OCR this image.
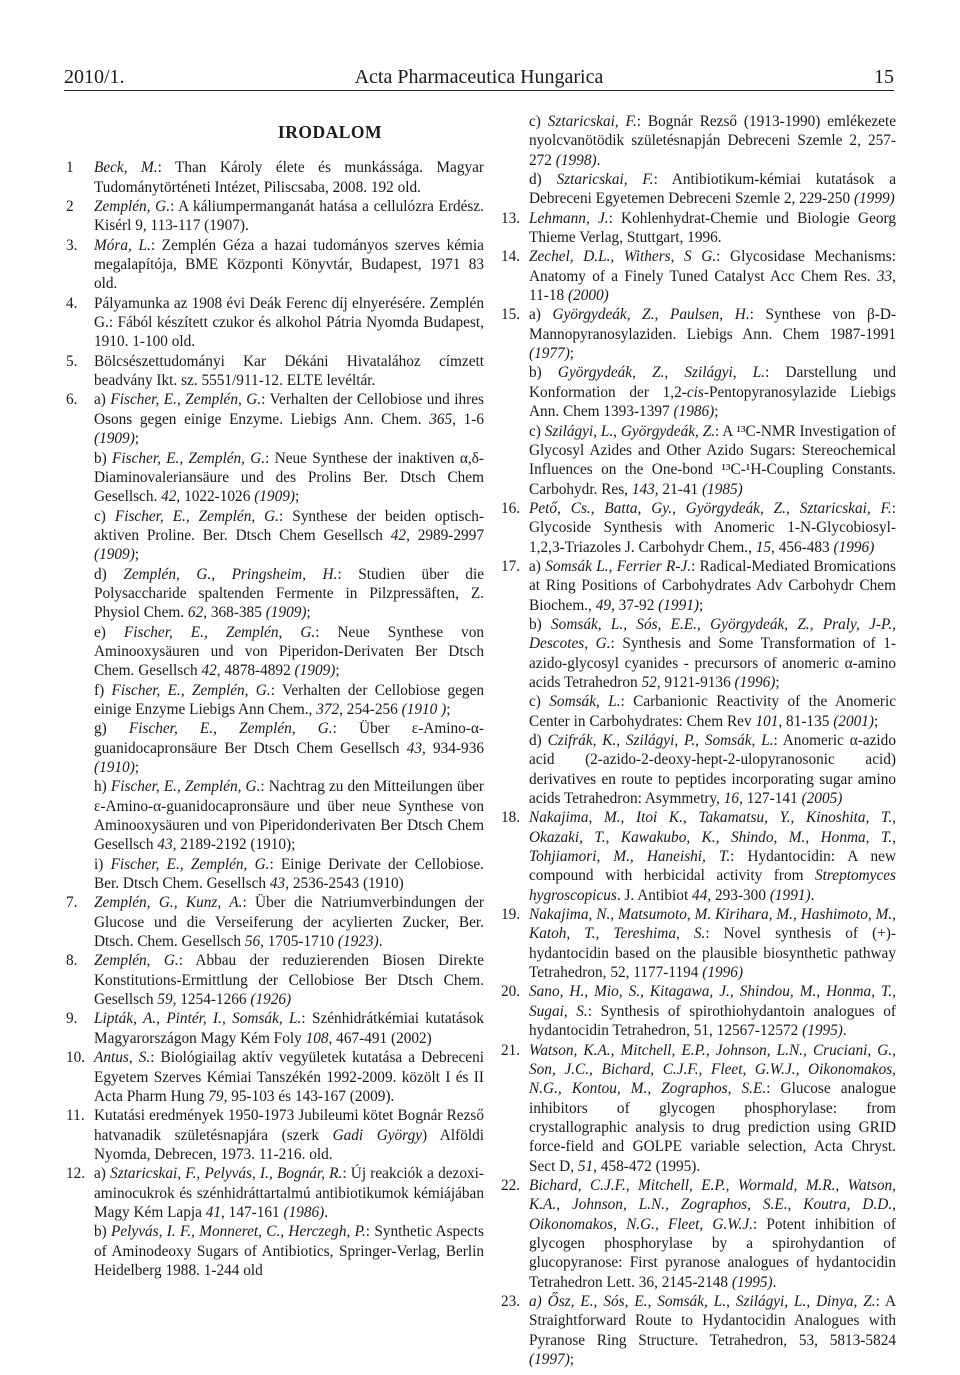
2010/1.	Acta Pharmaceutica Hungarica	15
IRODALOM
1 Beck, M.: Than Károly élete és munkássága. Magyar Tudománytörténeti Intézet, Piliscsaba, 2008. 192 old.
2 Zemplén, G.: A káliumpermanganát hatása a cellulózra Erdész. Kisérl 9, 113-117 (1907).
3. Móra, L.: Zemplén Géza a hazai tudományos szerves kémia megalapítója, BME Központi Könyvtár, Budapest, 1971 83 old.
4. Pályamunka az 1908 évi Deák Ferenc díj elnyerésére. Zemplén G.: Fából készített czukor és alkohol Pátria Nyomda Budapest, 1910. 1-100 old.
5. Bölcsészettudományi Kar Dékáni Hivatalához címzett beadvány Ikt. sz. 5551/911-12. ELTE levéltár.
6. a) Fischer, E., Zemplén, G.: Verhalten der Cellobiose und ihres Osons gegen einige Enzyme. Liebigs Ann. Chem. 365, 1-6 (1909);
b) Fischer, E., Zemplén, G.: Neue Synthese der inaktiven α,δ-Diaminovaleriansäure und des Prolins Ber. Dtsch Chem Gesellsch. 42, 1022-1026 (1909);
c) Fischer, E., Zemplén, G.: Synthese der beiden optisch-aktiven Proline. Ber. Dtsch Chem Gesellsch 42, 2989-2997 (1909);
d) Zemplén, G., Pringsheim, H.: Studien über die Polysaccharide spaltenden Fermente in Pilzpressäften, Z. Physiol Chem. 62, 368-385 (1909);
e) Fischer, E., Zemplén, G.: Neue Synthese von Aminooxysäuren und von Piperidon-Derivaten Ber Dtsch Chem. Gesellsch 42, 4878-4892 (1909);
f) Fischer, E., Zemplén, G.: Verhalten der Cellobiose gegen einige Enzyme Liebigs Ann Chem., 372, 254-256 (1910 );
g) Fischer, E., Zemplén, G.: Über ε-Amino-α-guanidocapronsäure Ber Dtsch Chem Gesellsch 43, 934-936 (1910);
h) Fischer, E., Zemplén, G.: Nachtrag zu den Mitteilungen über ε-Amino-α-guanidocapronsäure und über neue Synthese von Aminooxysäuren und von Piperidonderivaten Ber Dtsch Chem Gesellsch 43, 2189-2192 (1910);
i) Fischer, E., Zemplén, G.: Einige Derivate der Cellobiose. Ber. Dtsch Chem. Gesellsch 43, 2536-2543 (1910)
7. Zemplén, G., Kunz, A.: Über die Natriumverbindungen der Glucose und die Verseiferung der acylierten Zucker, Ber. Dtsch. Chem. Gesellsch 56, 1705-1710 (1923).
8. Zemplén, G.: Abbau der reduzierenden Biosen Direkte Konstitutions-Ermittlung der Cellobiose Ber Dtsch Chem. Gesellsch 59, 1254-1266 (1926)
9. Lipták, A., Pintér, I., Somsák, L.: Szénhidrátkémiai kutatások Magyarországon Magy Kém Foly 108, 467-491 (2002)
10. Antus, S.: Biológiailag aktív vegyületek kutatása a Debreceni Egyetem Szerves Kémiai Tanszékén 1992-2009. közölt I és II Acta Pharm Hung 79, 95-103 és 143-167 (2009).
11. Kutatási eredmények 1950-1973 Jubileumi kötet Bognár Rezső hatvanadik születésnapjára (szerk Gadi György) Alföldi Nyomda, Debrecen, 1973. 11-216. old.
12. a) Sztaricskai, F., Pelyvás, I., Bognár, R.: Új reakciók a dezoxi-aminocukrok és szénhidráttartalmú antibiotikumok kémiájában Magy Kém Lapja 41, 147-161 (1986).
b) Pelyvás, I. F., Monneret, C., Herczegh, P.: Synthetic Aspects of Aminodeoxy Sugars of Antibiotics, Springer-Verlag, Berlin Heidelberg 1988. 1-244 old
c) Sztaricskai, F.: Bognár Rezső (1913-1990) emlékezete nyolcvanötödik születésnapján Debreceni Szemle 2, 257-272 (1998).
d) Sztaricskai, F.: Antibiotikum-kémiai kutatások a Debreceni Egyetemen Debreceni Szemle 2, 229-250 (1999)
13. Lehmann, J.: Kohlenhydrat-Chemie und Biologie Georg Thieme Verlag, Stuttgart, 1996.
14. Zechel, D.L., Withers, S G.: Glycosidase Mechanisms: Anatomy of a Finely Tuned Catalyst Acc Chem Res. 33, 11-18 (2000)
15. a) Györgydeák, Z., Paulsen, H.: Synthese von β-D-Mannopyranosylaziden. Liebigs Ann. Chem 1987-1991 (1977);
b) Györgydeák, Z., Szilágyi, L.: Darstellung und Konformation der 1,2-cis-Pentopyranosylazide Liebigs Ann. Chem 1393-1397 (1986);
c) Szilágyi, L., Györgydeák, Z.: A ¹³C-NMR Investigation of Glycosyl Azides and Other Azido Sugars: Stereochemical Influences on the One-bond ¹³C-¹H-Coupling Constants. Carbohydr. Res, 143, 21-41 (1985)
16. Pető, Cs., Batta, Gy., Györgydeák, Z., Sztaricskai, F.: Glycoside Synthesis with Anomeric 1-N-Glycobiosyl-1,2,3-Triazoles J. Carbohydr Chem., 15, 456-483 (1996)
17. a) Somsák L., Ferrier R-J.: Radical-Mediated Bromications at Ring Positions of Carbohydrates Adv Carbohydr Chem Biochem., 49, 37-92 (1991);
b) Somsák, L., Sós, E.E., Györgydeák, Z., Praly, J-P., Descotes, G.: Synthesis and Some Transformation of 1-azido-glycosyl cyanides - precursors of anomeric α-amino acids Tetrahedron 52, 9121-9136 (1996);
c) Somsák, L.: Carbanionic Reactivity of the Anomeric Center in Carbohydrates: Chem Rev 101, 81-135 (2001);
d) Czifrák, K., Szilágyi, P., Somsák, L.: Anomeric α-azido acid (2-azido-2-deoxy-hept-2-ulopyranosonic acid) derivatives en route to peptides incorporating sugar amino acids Tetrahedron: Asymmetry, 16, 127-141 (2005)
18. Nakajima, M., Itoi K., Takamatsu, Y., Kinoshita, T., Okazaki, T., Kawakubo, K., Shindo, M., Honma, T., Tohjiamori, M., Haneishi, T.: Hydantocidin: A new compound with herbicidal activity from Streptomyces hygroscopicus. J. Antibiot 44, 293-300 (1991).
19. Nakajima, N., Matsumoto, M. Kirihara, M., Hashimoto, M., Katoh, T., Tereshima, S.: Novel synthesis of (+)-hydantocidin based on the plausible biosynthetic pathway Tetrahedron, 52, 1177-1194 (1996)
20. Sano, H., Mio, S., Kitagawa, J., Shindou, M., Honma, T., Sugai, S.: Synthesis of spirothiohydantoin analogues of hydantocidin Tetrahedron, 51, 12567-12572 (1995).
21. Watson, K.A., Mitchell, E.P., Johnson, L.N., Cruciani, G., Son, J.C., Bichard, C.J.F., Fleet, G.W.J., Oikonomakos, N.G., Kontou, M., Zographos, S.E.: Glucose analogue inhibitors of glycogen phosphorylase: from crystallographic analysis to drug prediction using GRID force-field and GOLPE variable selection, Acta Chryst. Sect D, 51, 458-472 (1995).
22. Bichard, C.J.F., Mitchell, E.P., Wormald, M.R., Watson, K.A., Johnson, L.N., Zographos, S.E., Koutra, D.D., Oikonomakos, N.G., Fleet, G.W.J.: Potent inhibition of glycogen phosphorylase by a spirohydantion of glucopyranose: First pyranose analogues of hydantocidin Tetrahedron Lett. 36, 2145-2148 (1995).
23. a) Ősz, E., Sós, E., Somsák, L., Szilágyi, L., Dinya, Z.: A Straightforward Route to Hydantocidin Analogues with Pyranose Ring Structure. Tetrahedron, 53, 5813-5824 (1997);
